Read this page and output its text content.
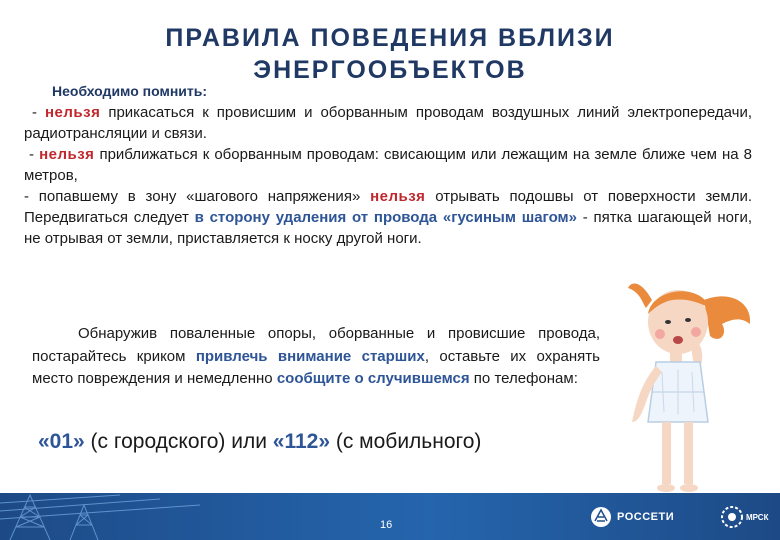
ПРАВИЛА ПОВЕДЕНИЯ ВБЛИЗИ ЭНЕРГООБЪЕКТОВ
Необходимо помнить:

- нельзя прикасаться к провисшим и оборванным проводам воздушных линий электропередачи, радиотрансляции и связи.

- нельзя приближаться к оборванным проводам: свисающим или лежащим на земле ближе чем на 8 метров,

- попавшему в зону «шагового напряжения» нельзя отрывать подошвы от поверхности земли. Передвигаться следует в сторону удаления от провода «гусиным шагом» - пятка шагающей ноги, не отрывая от земли, приставляется к носку другой ноги.

Обнаружив поваленные опоры, оборванные и провисшие провода, постарайтесь криком привлечь внимание старших, оставьте их охранять место повреждения и немедленно сообщите о случившемся по телефонам:

«01» (с городского) или «112» (с мобильного)
16
РОССЕТИ	МРСК
